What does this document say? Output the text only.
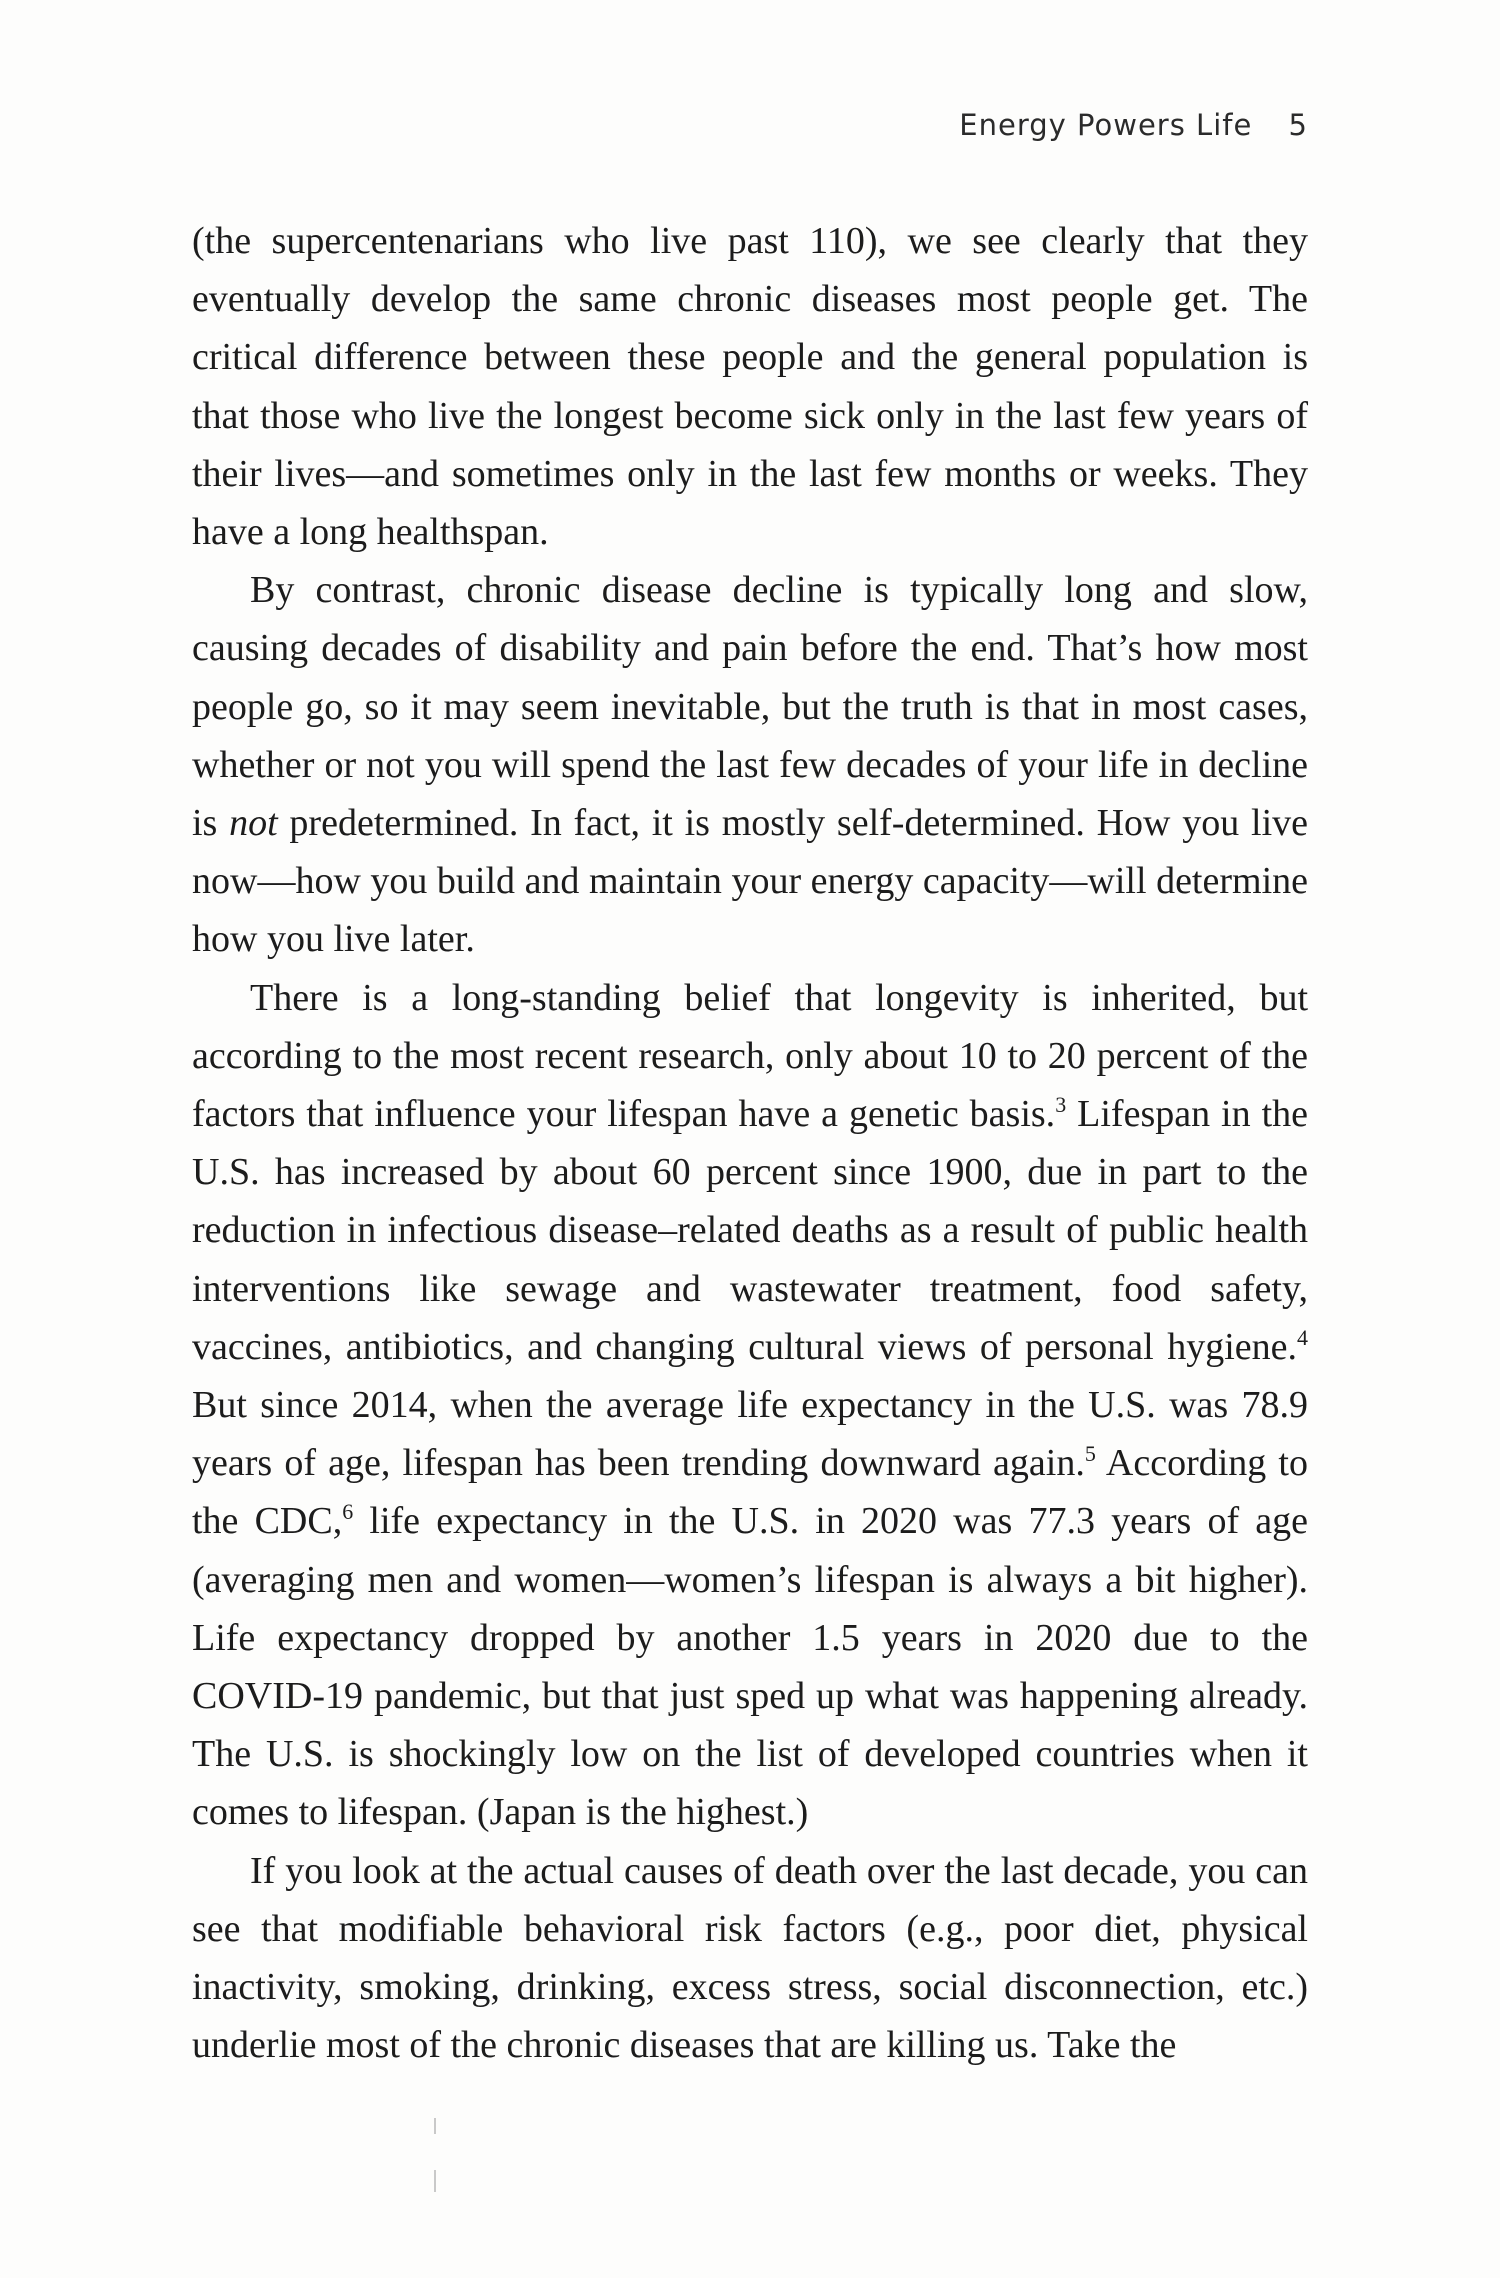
Energy Powers Life 5

(the supercentenarians who live past 110), we see clearly that they eventually develop the same chronic diseases most people get. The critical difference between these people and the general population is that those who live the longest become sick only in the last few years of their lives—and sometimes only in the last few months or weeks. They have a long healthspan.

By contrast, chronic disease decline is typically long and slow, causing decades of disability and pain before the end. That’s how most people go, so it may seem inevitable, but the truth is that in most cases, whether or not you will spend the last few decades of your life in decline is not predetermined. In fact, it is mostly self-determined. How you live now—how you build and maintain your energy capacity—will determine how you live later.

There is a long-standing belief that longevity is inherited, but according to the most recent research, only about 10 to 20 percent of the factors that influence your lifespan have a genetic basis.$^3$ Lifespan in the U.S. has increased by about 60 percent since 1900, due in part to the reduction in infectious disease–related deaths as a result of public health interventions like sewage and wastewater treatment, food safety, vaccines, antibiotics, and changing cultural views of personal hygiene.$^4$ But since 2014, when the average life expectancy in the U.S. was 78.9 years of age, lifespan has been trending downward again.$^5$ According to the CDC,$^6$ life expectancy in the U.S. in 2020 was 77.3 years of age (averaging men and women—women’s lifespan is always a bit higher). Life expectancy dropped by another 1.5 years in 2020 due to the COVID-19 pandemic, but that just sped up what was happening already. The U.S. is shockingly low on the list of developed countries when it comes to lifespan. (Japan is the highest.)

If you look at the actual causes of death over the last decade, you can see that modifiable behavioral risk factors (e.g., poor diet, physical inactivity, smoking, drinking, excess stress, social disconnection, etc.) underlie most of the chronic diseases that are killing us. Take the
